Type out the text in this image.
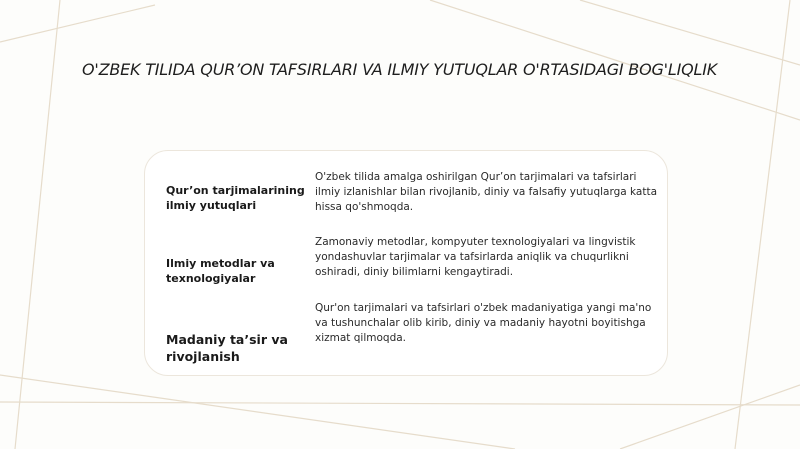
O'ZBEK TILIDA QUR’ON TAFSIRLARI VA ILMIY YUTUQLAR O'RTASIDAGI BOG'LIQLIK
Qur’on tarjimalarining ilmiy yutuqlari
O'zbek tilida amalga oshirilgan Qur’on tarjimalari va tafsirlari ilmiy izlanishlar bilan rivojlanib, diniy va falsafiy yutuqlarga katta hissa qo'shmoqda.
Ilmiy metodlar va texnologiyalar
Zamonaviy metodlar, kompyuter texnologiyalari va lingvistik yondashuvlar tarjimalar va tafsirlarda aniqlik va chuqurlikni oshiradi, diniy bilimlarni kengaytiradi.
Madaniy ta’sir va rivojlanish
Qur'on tarjimalari va tafsirlari o'zbek madaniyatiga yangi ma'no va tushunchalar olib kirib, diniy va madaniy hayotni boyitishga xizmat qilmoqda.
